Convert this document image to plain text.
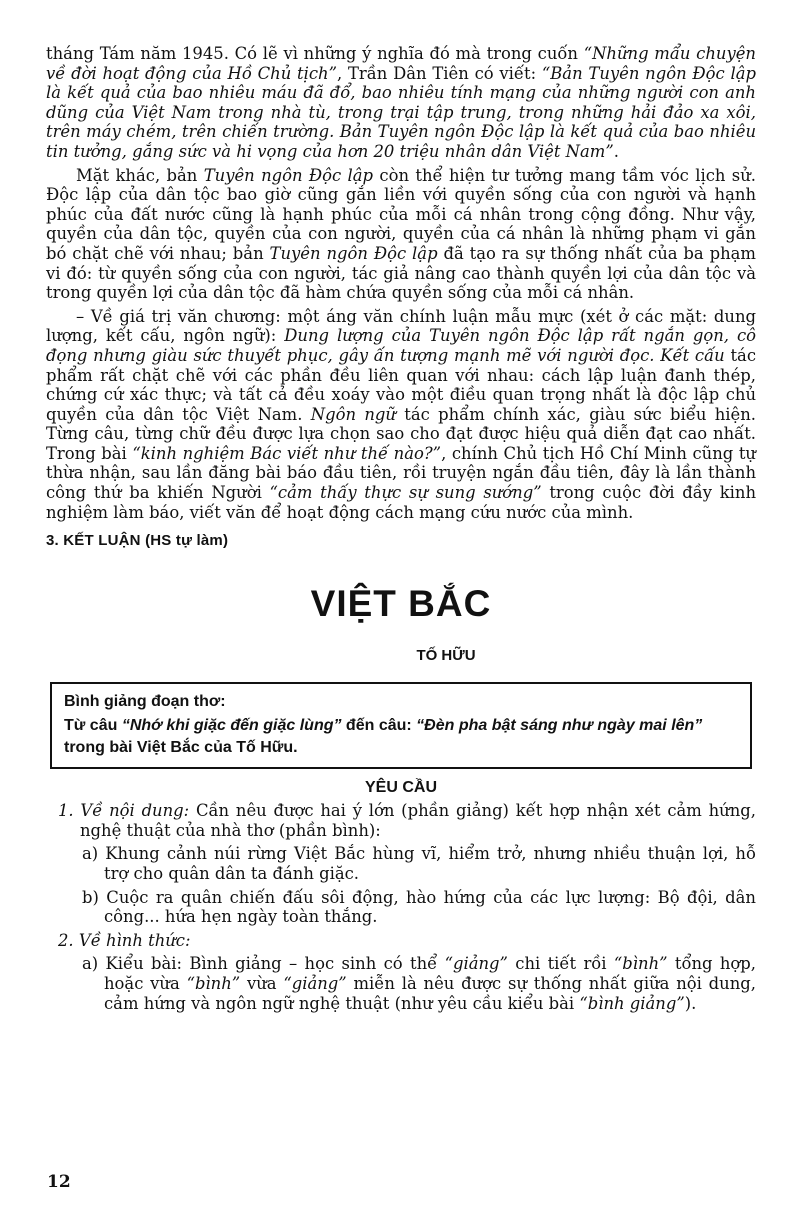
tháng Tám năm 1945. Có lẽ vì những ý nghĩa đó mà trong cuốn “Những mẩu chuyện về đời hoạt động của Hồ Chủ tịch”, Trần Dân Tiên có viết: “Bản Tuyên ngôn Độc lập là kết quả của bao nhiêu máu đã đổ, bao nhiêu tính mạng của những người con anh dũng của Việt Nam trong nhà tù, trong trại tập trung, trong những hải đảo xa xôi, trên máy chém, trên chiến trường. Bản Tuyên ngôn Độc lập là kết quả của bao nhiêu tin tưởng, gắng sức và hi vọng của hơn 20 triệu nhân dân Việt Nam”.

Mặt khác, bản Tuyên ngôn Độc lập còn thể hiện tư tưởng mang tầm vóc lịch sử. Độc lập của dân tộc bao giờ cũng gắn liền với quyền sống của con người và hạnh phúc của đất nước cũng là hạnh phúc của mỗi cá nhân trong cộng đồng. Như vậy, quyền của dân tộc, quyền của con người, quyền của cá nhân là những phạm vi gắn bó chặt chẽ với nhau; bản Tuyên ngôn Độc lập đã tạo ra sự thống nhất của ba phạm vi đó: từ quyền sống của con người, tác giả nâng cao thành quyền lợi của dân tộc và trong quyền lợi của dân tộc đã hàm chứa quyền sống của mỗi cá nhân.

– Về giá trị văn chương: một áng văn chính luận mẫu mực (xét ở các mặt: dung lượng, kết cấu, ngôn ngữ): Dung lượng của Tuyên ngôn Độc lập rất ngắn gọn, cô đọng nhưng giàu sức thuyết phục, gây ấn tượng mạnh mẽ với người đọc. Kết cấu tác phẩm rất chặt chẽ với các phần đều liên quan với nhau: cách lập luận đanh thép, chứng cứ xác thực; và tất cả đều xoáy vào một điều quan trọng nhất là độc lập chủ quyền của dân tộc Việt Nam. Ngôn ngữ tác phẩm chính xác, giàu sức biểu hiện. Từng câu, từng chữ đều được lựa chọn sao cho đạt được hiệu quả diễn đạt cao nhất. Trong bài “kinh nghiệm Bác viết như thế nào?”, chính Chủ tịch Hồ Chí Minh cũng tự thừa nhận, sau lần đăng bài báo đầu tiên, rồi truyện ngắn đầu tiên, đây là lần thành công thứ ba khiến Người “cảm thấy thực sự sung sướng” trong cuộc đời đầy kinh nghiệm làm báo, viết văn để hoạt động cách mạng cứu nước của mình.

3. KẾT LUẬN (HS tự làm)
VIỆT BẮC
TỐ HỮU
Bình giảng đoạn thơ:
Từ câu “Nhớ khi giặc đến giặc lùng” đến câu: “Đèn pha bật sáng như ngày mai lên” trong bài Việt Bắc của Tố Hữu.
YÊU CẦU

1. Về nội dung: Cần nêu được hai ý lớn (phần giảng) kết hợp nhận xét cảm hứng, nghệ thuật của nhà thơ (phần bình):

a) Khung cảnh núi rừng Việt Bắc hùng vĩ, hiểm trở, nhưng nhiều thuận lợi, hỗ trợ cho quân dân ta đánh giặc.

b) Cuộc ra quân chiến đấu sôi động, hào hứng của các lực lượng: Bộ đội, dân công... hứa hẹn ngày toàn thắng.

2. Về hình thức:

a) Kiểu bài: Bình giảng – học sinh có thể “giảng” chi tiết rồi “bình” tổng hợp, hoặc vừa “bình” vừa “giảng” miễn là nêu được sự thống nhất giữa nội dung, cảm hứng và ngôn ngữ nghệ thuật (như yêu cầu kiểu bài “bình giảng”).

12
